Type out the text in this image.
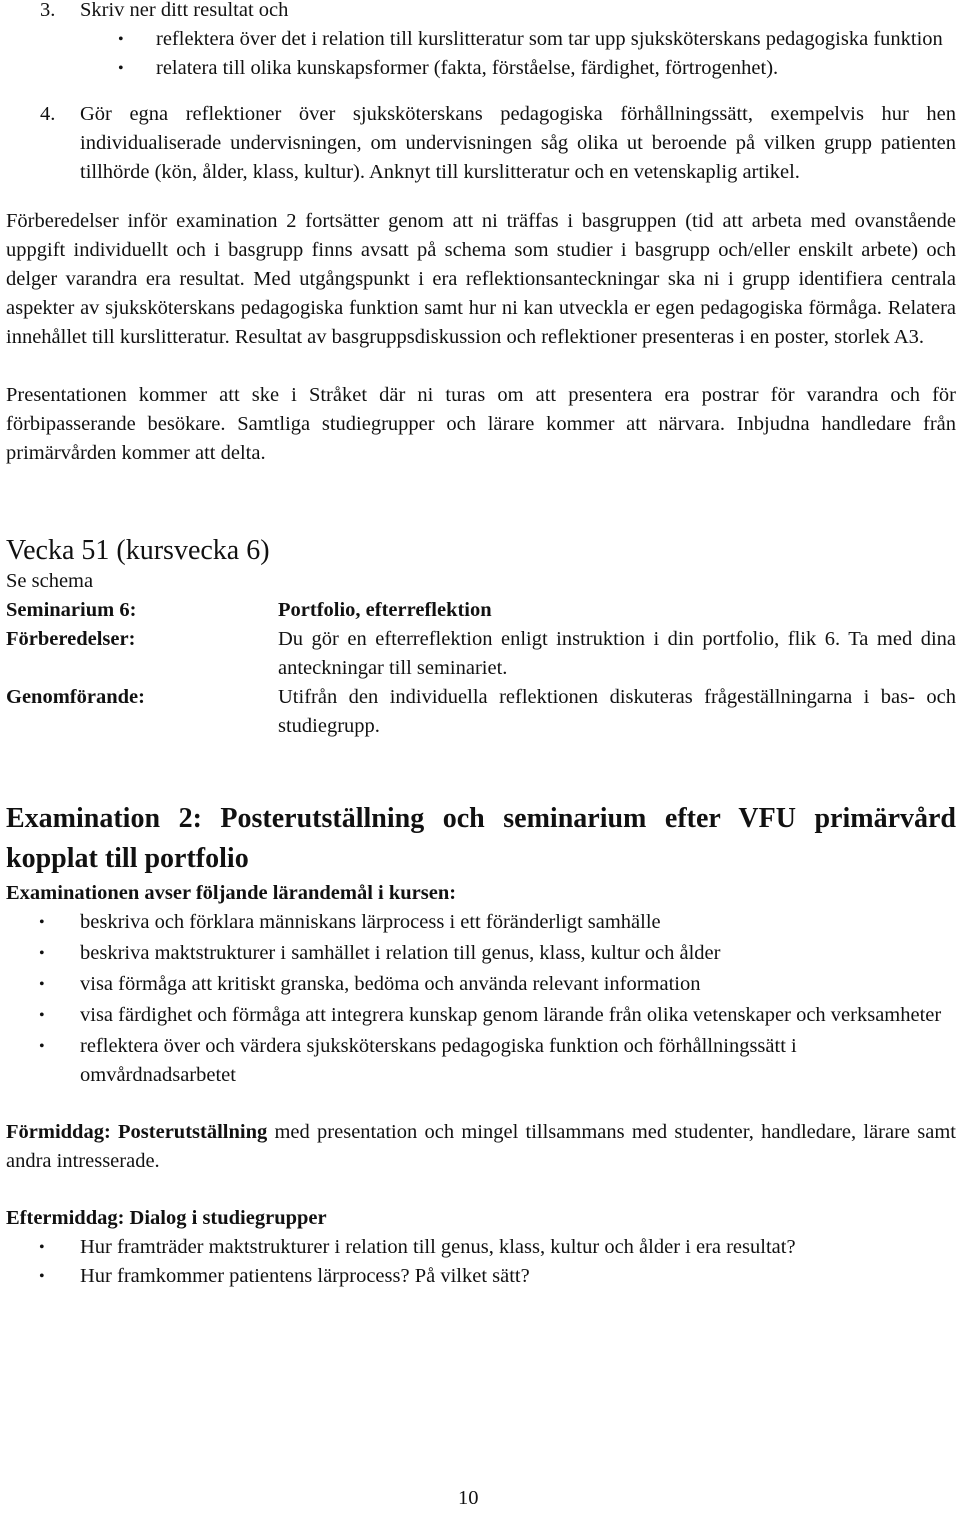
3.	Skriv ner ditt resultat och

• reflektera över det i relation till kurslitteratur som tar upp sjuksköterskans pedagogiska funktion

• relatera till olika kunskapsformer (fakta, förståelse, färdighet, förtrogenhet).

4. Gör egna reflektioner över sjuksköterskans pedagogiska förhållningssätt, exempelvis hur hen individualiserade undervisningen, om undervisningen såg olika ut beroende på vilken grupp patienten tillhörde (kön, ålder, klass, kultur). Anknyt till kurslitteratur och en vetenskaplig artikel.

Förberedelser inför examination 2 fortsätter genom att ni träffas i basgruppen (tid att arbeta med ovanstående uppgift individuellt och i basgrupp finns avsatt på schema som studier i basgrupp och/eller enskilt arbete) och delger varandra era resultat. Med utgångspunkt i era reflektionsanteckningar ska ni i grupp identifiera centrala aspekter av sjuksköterskans pedagogiska funktion samt hur ni kan utveckla er egen pedagogiska förmåga. Relatera innehållet till kurslitteratur. Resultat av basgruppsdiskussion och reflektioner presenteras i en poster, storlek A3.

Presentationen kommer att ske i Stråket där ni turas om att presentera era postrar för varandra och för förbipasserande besökare. Samtliga studiegrupper och lärare kommer att närvara. Inbjudna handledare från primärvården kommer att delta.

Vecka 51 (kursvecka 6)

Se schema

Seminarium 6:	Portfolio, efterreflektion
Förberedelser:	Du gör en efterreflektion enligt instruktion i din portfolio, flik 6. Ta med dina anteckningar till seminariet.
Genomförande:	Utifrån den individuella reflektionen diskuteras frågeställningarna i bas- och studiegrupp.
Examination 2: Posterutställning och seminarium efter VFU primärvård kopplat till portfolio

Examinationen avser följande lärandemål i kursen:

• beskriva och förklara människans lärprocess i ett föränderligt samhälle

• beskriva maktstrukturer i samhället i relation till genus, klass, kultur och ålder

• visa förmåga att kritiskt granska, bedöma och använda relevant information

• visa färdighet och förmåga att integrera kunskap genom lärande från olika vetenskaper och verksamheter

• reflektera över och värdera sjuksköterskans pedagogiska funktion och förhållningssätt i omvårdnadsarbetet

Förmiddag: Posterutställning med presentation och mingel tillsammans med studenter, handledare, lärare samt andra intresserade.

Eftermiddag: Dialog i studiegrupper

• Hur framträder maktstrukturer i relation till genus, klass, kultur och ålder i era resultat?

• Hur framkommer patientens lärprocess? På vilket sätt?

10
